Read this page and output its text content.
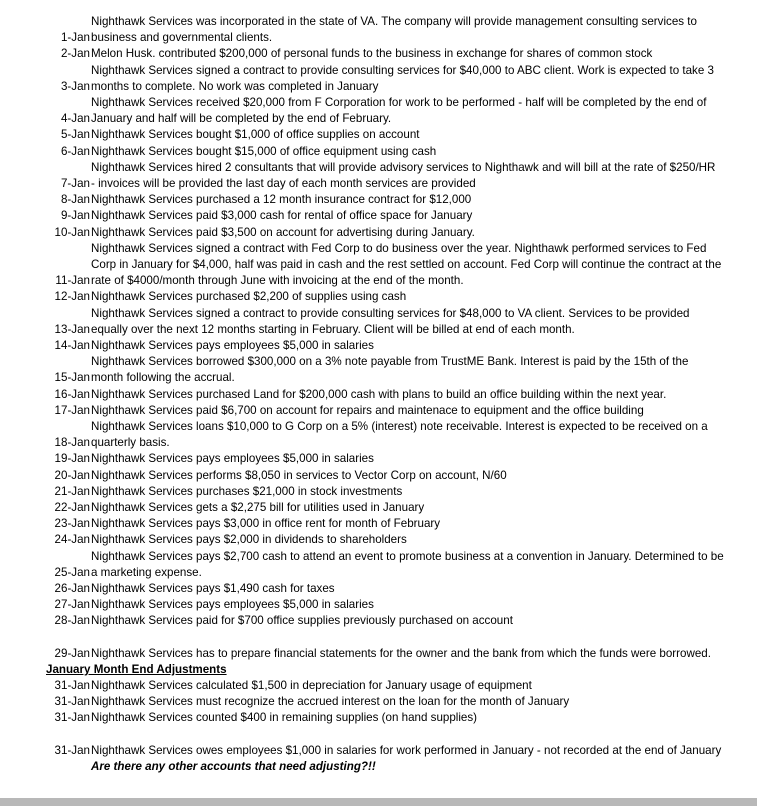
Nighthawk Services was incorporated in the state of VA. The company will provide management consulting services to
1-Jan business and governmental clients.
2-Jan Melon Husk. contributed $200,000 of personal funds to the business in exchange for shares of common stock
Nighthawk Services signed a contract to provide consulting services for $40,000 to ABC client. Work is expected to take 3
3-Jan months to complete. No work was completed in January
Nighthawk Services received $20,000 from F Corporation for work to be performed - half will be completed by the end of
4-Jan January and half will be completed by the end of February.
5-Jan Nighthawk Services bought $1,000 of office supplies on account
6-Jan Nighthawk Services bought $15,000 of office equipment using cash
Nighthawk Services hired 2 consultants that will provide advisory services to Nighthawk and will bill at the rate of $250/HR
7-Jan - invoices will be provided the last day of each month services are provided
8-Jan Nighthawk Services purchased a 12 month insurance contract for $12,000
9-Jan Nighthawk Services paid $3,000 cash for rental of office space for January
10-Jan Nighthawk Services paid $3,500 on account for advertising during January.
Nighthawk Services signed a contract with Fed Corp to do business over the year. Nighthawk performed services to Fed
Corp in January for $4,000, half was paid in cash and the rest settled on account. Fed Corp will continue the contract at the
11-Jan rate of $4000/month through June with invoicing at the end of the month.
12-Jan Nighthawk Services purchased $2,200 of supplies using cash
Nighthawk Services signed a contract to provide consulting services for $48,000 to VA client. Services to be provided
13-Jan equally over the next 12 months starting in February. Client will be billed at end of each month.
14-Jan Nighthawk Services pays employees $5,000 in salaries
Nighthawk Services borrowed $300,000 on a 3% note payable from TrustME Bank. Interest is paid by the 15th of the
15-Jan month following the accrual.
16-Jan Nighthawk Services purchased Land for $200,000 cash with plans to build an office building within the next year.
17-Jan Nighthawk Services paid $6,700 on account for repairs and maintenace to equipment and the office building
Nighthawk Services loans $10,000 to G Corp on a 5% (interest) note receivable. Interest is expected to be received on a
18-Jan quarterly basis.
19-Jan Nighthawk Services pays employees $5,000 in salaries
20-Jan Nighthawk Services performs $8,050 in services to Vector Corp on account, N/60
21-Jan Nighthawk Services purchases $21,000 in stock investments
22-Jan Nighthawk Services gets a $2,275 bill for utilities used in January
23-Jan Nighthawk Services pays $3,000 in office rent for month of February
24-Jan Nighthawk Services pays $2,000 in dividends to shareholders
Nighthawk Services pays $2,700 cash to attend an event to promote business at a convention in January. Determined to be
25-Jan a marketing expense.
26-Jan Nighthawk Services pays $1,490 cash for taxes
27-Jan Nighthawk Services pays employees $5,000 in salaries
28-Jan Nighthawk Services paid for $700 office supplies previously purchased on account
29-Jan Nighthawk Services has to prepare financial statements for the owner and the bank from which the funds were borrowed.
January Month End Adjustments
31-Jan Nighthawk Services calculated $1,500 in depreciation for January usage of equipment
31-Jan Nighthawk Services must recognize the accrued interest on the loan for the month of January
31-Jan Nighthawk Services counted $400 in remaining supplies (on hand supplies)
31-Jan Nighthawk Services owes employees $1,000 in salaries for work performed in January - not recorded at the end of January
Are there any other accounts that need adjusting?!!
